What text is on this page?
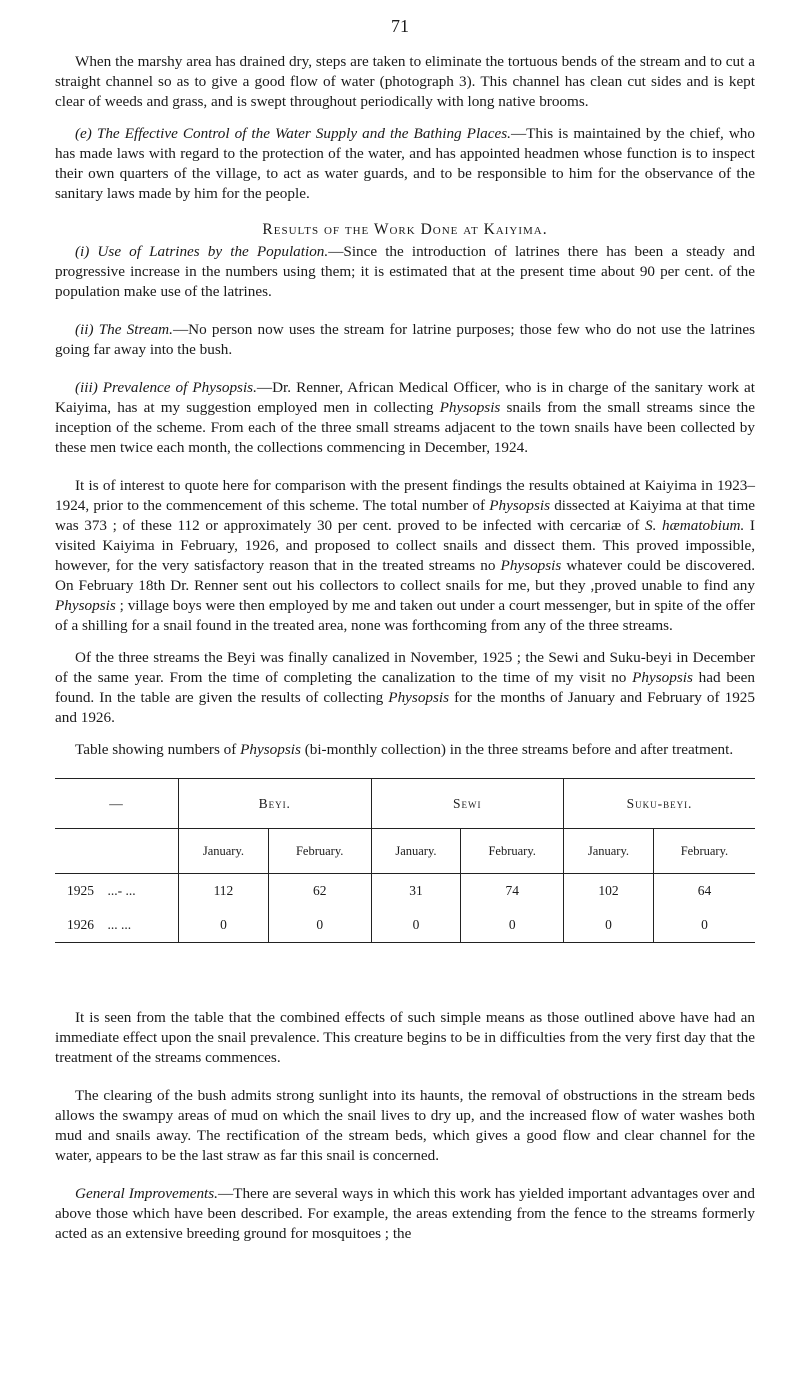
71

When the marshy area has drained dry, steps are taken to eliminate the tortuous bends of the stream and to cut a straight channel so as to give a good flow of water (photograph 3). This channel has clean cut sides and is kept clear of weeds and grass, and is swept throughout periodically with long native brooms.

(e) The Effective Control of the Water Supply and the Bathing Places.—This is maintained by the chief, who has made laws with regard to the protection of the water, and has appointed headmen whose function is to inspect their own quarters of the village, to act as water guards, and to be responsible to him for the observance of the sanitary laws made by him for the people.

Results of the Work Done at Kaiyima.

(i) Use of Latrines by the Population.—Since the introduction of latrines there has been a steady and progressive increase in the numbers using them; it is estimated that at the present time about 90 per cent. of the population make use of the latrines.

(ii) The Stream.—No person now uses the stream for latrine purposes; those few who do not use the latrines going far away into the bush.

(iii) Prevalence of Physopsis.—Dr. Renner, African Medical Officer, who is in charge of the sanitary work at Kaiyima, has at my suggestion employed men in collecting Physopsis snails from the small streams since the inception of the scheme. From each of the three small streams adjacent to the town snails have been collected by these men twice each month, the collections commencing in December, 1924.

It is of interest to quote here for comparison with the present findings the results obtained at Kaiyima in 1923–1924, prior to the commencement of this scheme. The total number of Physopsis dissected at Kaiyima at that time was 373 ; of these 112 or approximately 30 per cent. proved to be infected with cercariæ of S. hæmatobium. I visited Kaiyima in February, 1926, and proposed to collect snails and dissect them. This proved impossible, however, for the very satisfactory reason that in the treated streams no Physopsis whatever could be discovered. On February 18th Dr. Renner sent out his collectors to collect snails for me, but they ,proved unable to find any Physopsis ; village boys were then employed by me and taken out under a court messenger, but in spite of the offer of a shilling for a snail found in the treated area, none was forthcoming from any of the three streams.

Of the three streams the Beyi was finally canalized in November, 1925 ; the Sewi and Suku-beyi in December of the same year. From the time of completing the canalization to the time of my visit no Physopsis had been found. In the table are given the results of collecting Physopsis for the months of January and February of 1925 and 1926.

Table showing numbers of Physopsis (bi-monthly collection) in the three streams before and after treatment.

—	Beyi.		Sewi		Suku-beyi.	
	January.	February.	January.	February.	January.	February.
1925 ...- ...	112	62	31	74	102	64
1926 ... ...	0	0	0	0	0	0

It is seen from the table that the combined effects of such simple means as those outlined above have had an immediate effect upon the snail prevalence. This creature begins to be in difficulties from the very first day that the treatment of the streams commences.

The clearing of the bush admits strong sunlight into its haunts, the removal of obstructions in the stream beds allows the swampy areas of mud on which the snail lives to dry up, and the increased flow of water washes both mud and snails away. The rectification of the stream beds, which gives a good flow and clear channel for the water, appears to be the last straw as far this snail is concerned.

General Improvements.—There are several ways in which this work has yielded important advantages over and above those which have been described. For example, the areas extending from the fence to the streams formerly acted as an extensive breeding ground for mosquitoes ; the
